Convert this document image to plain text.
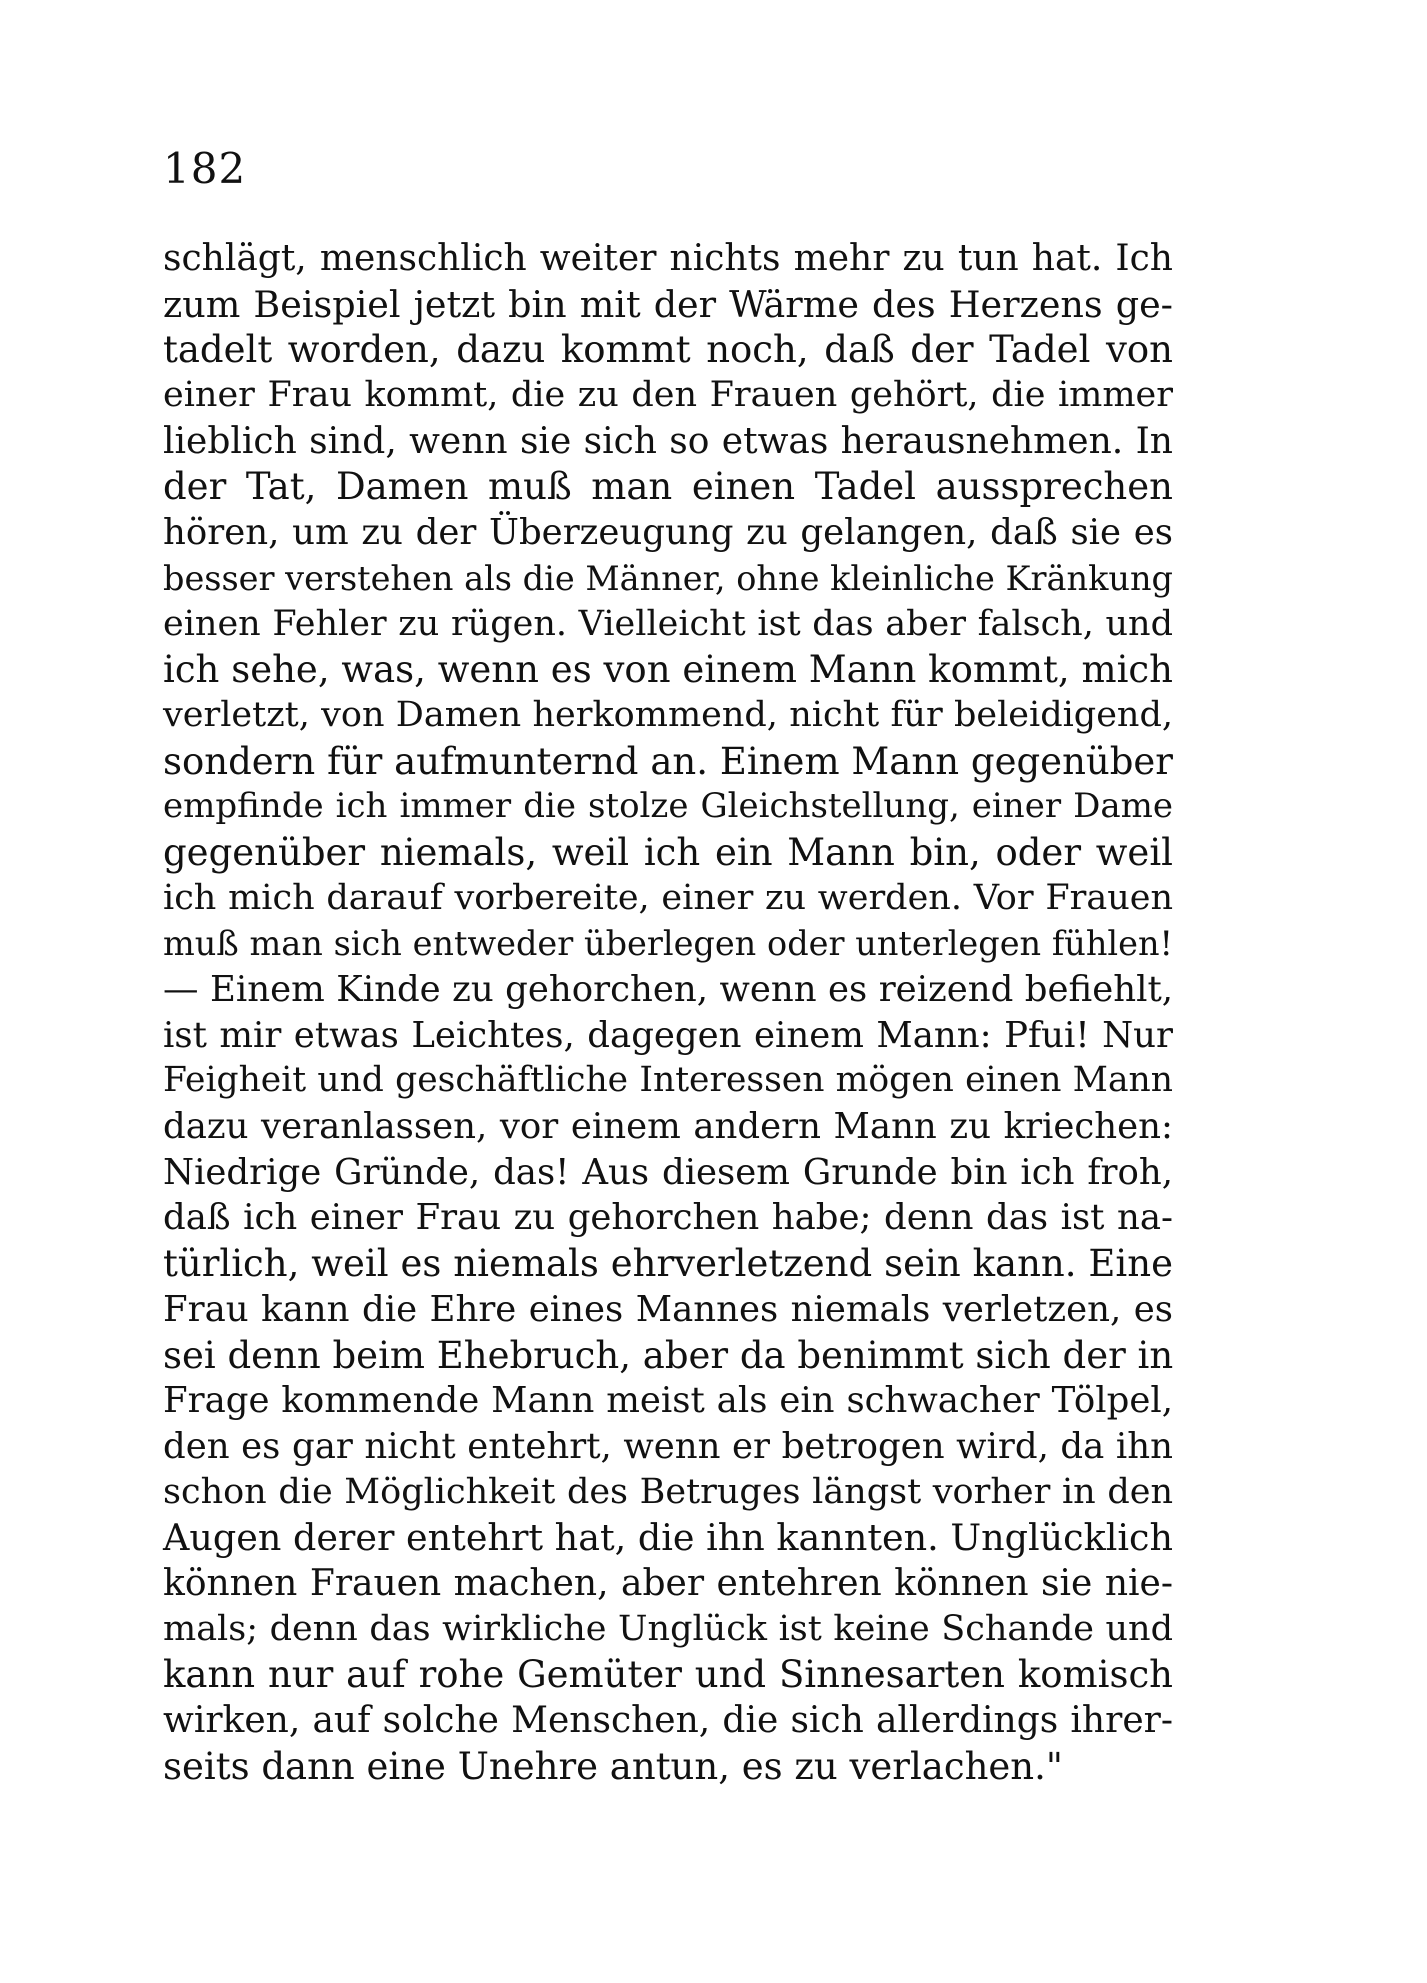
182
schlägt, menschlich weiter nichts mehr zu tun hat. Ich
zum Beispiel jetzt bin mit der Wärme des Herzens ge-
tadelt worden, dazu kommt noch, daß der Tadel von
einer Frau kommt, die zu den Frauen gehört, die immer
lieblich sind, wenn sie sich so etwas herausnehmen. In
der Tat, Damen muß man einen Tadel aussprechen
hören, um zu der Überzeugung zu gelangen, daß sie es
besser verstehen als die Männer, ohne kleinliche Kränkung
einen Fehler zu rügen. Vielleicht ist das aber falsch, und
ich sehe, was, wenn es von einem Mann kommt, mich
verletzt, von Damen herkommend, nicht für beleidigend,
sondern für aufmunternd an. Einem Mann gegenüber
empfinde ich immer die stolze Gleichstellung, einer Dame
gegenüber niemals, weil ich ein Mann bin, oder weil
ich mich darauf vorbereite, einer zu werden. Vor Frauen
muß man sich entweder überlegen oder unterlegen fühlen!
— Einem Kinde zu gehorchen, wenn es reizend befiehlt,
ist mir etwas Leichtes, dagegen einem Mann: Pfui! Nur
Feigheit und geschäftliche Interessen mögen einen Mann
dazu veranlassen, vor einem andern Mann zu kriechen:
Niedrige Gründe, das! Aus diesem Grunde bin ich froh,
daß ich einer Frau zu gehorchen habe; denn das ist na-
türlich, weil es niemals ehrverletzend sein kann. Eine
Frau kann die Ehre eines Mannes niemals verletzen, es
sei denn beim Ehebruch, aber da benimmt sich der in
Frage kommende Mann meist als ein schwacher Tölpel,
den es gar nicht entehrt, wenn er betrogen wird, da ihn
schon die Möglichkeit des Betruges längst vorher in den
Augen derer entehrt hat, die ihn kannten. Unglücklich
können Frauen machen, aber entehren können sie nie-
mals; denn das wirkliche Unglück ist keine Schande und
kann nur auf rohe Gemüter und Sinnesarten komisch
wirken, auf solche Menschen, die sich allerdings ihrer-
seits dann eine Unehre antun, es zu verlachen."
